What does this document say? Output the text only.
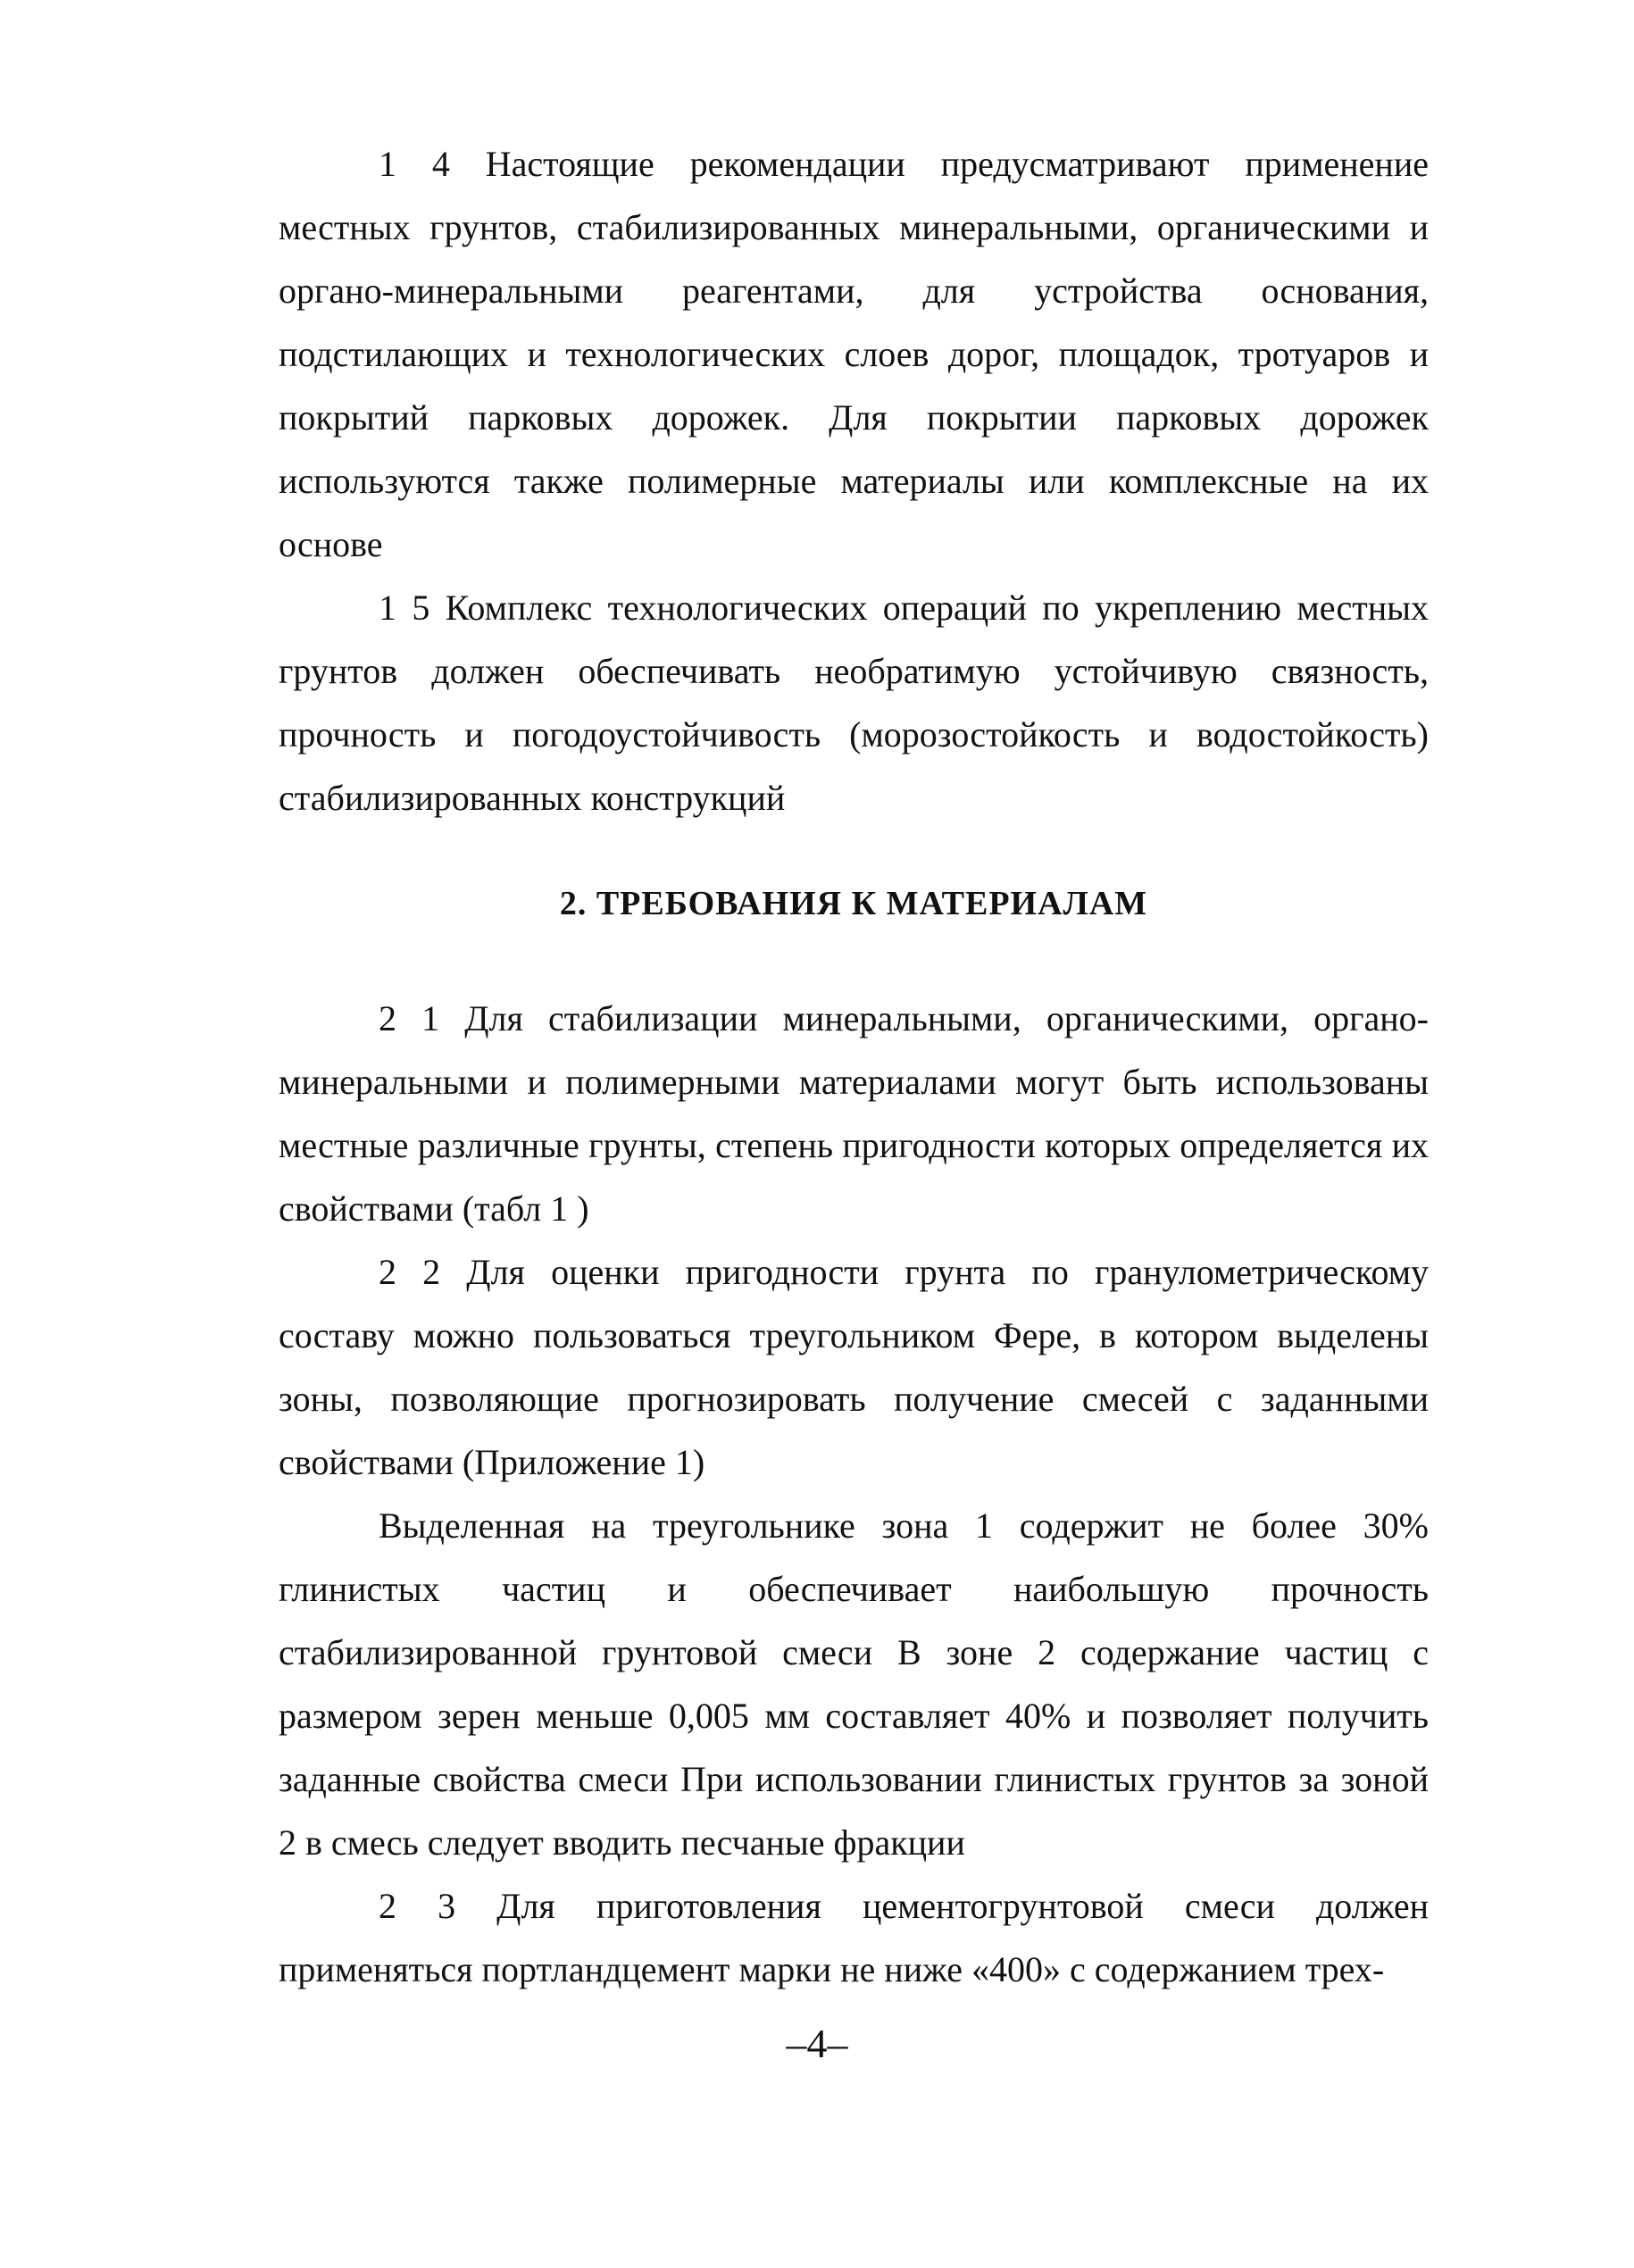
1 4 Настоящие рекомендации предусматривают применение местных грунтов, стабилизированных минеральными, органическими и органо-минеральными реагентами, для устройства основания, подстилающих и технологических слоев дорог, площадок, тротуаров и покрытий парковых дорожек. Для покрытии парковых дорожек используются также полимерные материалы или комплексные на их основе

1 5 Комплекс технологических операций по укреплению местных грунтов должен обеспечивать необратимую устойчивую связность, прочность и погодоустойчивость (морозостойкость и водостойкость) стабилизированных конструкций

2. ТРЕБОВАНИЯ К МАТЕРИАЛАМ

2 1 Для стабилизации минеральными, органическими, органо-минеральными и полимерными материалами могут быть использованы местные различные грунты, степень пригодности которых определяется их свойствами (табл 1 )

2 2 Для оценки пригодности грунта по гранулометрическому составу можно пользоваться треугольником Фере, в котором выделены зоны, позволяющие прогнозировать получение смесей с заданными свойствами (Приложение 1)

Выделенная на треугольнике зона 1 содержит не более 30% глинистых частиц и обеспечивает наибольшую прочность стабилизированной грунтовой смеси В зоне 2 содержание частиц с размером зерен меньше 0,005 мм составляет 40% и позволяет получить заданные свойства смеси При использовании глинистых грунтов за зоной 2 в смесь следует вводить песчаные фракции

2 3 Для приготовления цементогрунтовой смеси должен применяться портландцемент марки не ниже «400» с содержанием трех-

–4–
